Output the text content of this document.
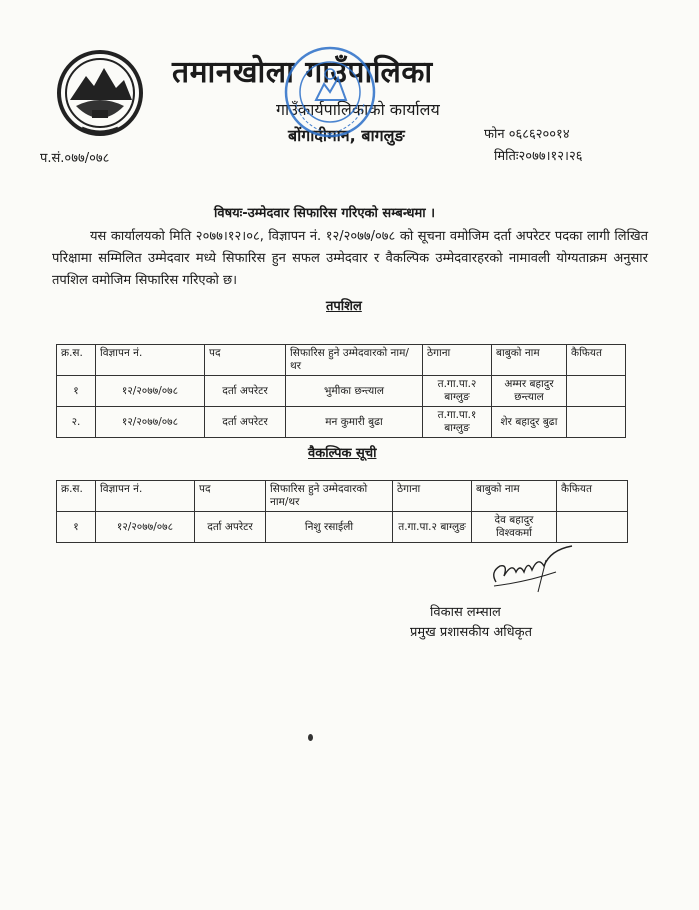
तमानखोला गाउँपालिका
गाउँकार्यपालिकाको कार्यालय
बोंगादीमान, बागलुङ	फोन ०६८६२००१४
मितिः२०७७।१२।२६
प.सं.०७७/०७८
विषयः-उम्मेदवार सिफारिस गरिएको सम्बन्धमा ।

यस कार्यालयको मिति २०७७।१२।०८, विज्ञापन नं. १२/२०७७/०७८ को सूचना वमोजिम दर्ता अपरेटर पदका लागी लिखित परिक्षामा सम्मिलित उम्मेदवार मध्ये सिफारिस हुन सफल उम्मेदवार र वैकल्पिक उम्मेदवारहरको नामावली योग्यताक्रम अनुसार तपशिल वमोजिम सिफारिस गरिएको छ।

तपशिल
क्र.स.	विज्ञापन नं.	पद	सिफारिस हुने उम्मेदवारको नाम/थर	ठेगाना	बाबुको नाम	कैफियत
१	१२/२०७७/०७८	दर्ता अपरेटर	भुमीका छन्त्याल	त.गा.पा.२ बाग्लुङ	अम्मर बहादुर छन्त्याल	
२.	१२/२०७७/०७८	दर्ता अपरेटर	मन कुमारी बुढा	त.गा.पा.१ बाग्लुङ	शेर बहादुर बुढा	
वैकल्पिक सूची
क्र.स.	विज्ञापन नं.	पद	सिफारिस हुने उम्मेदवारको नाम/थर	ठेगाना	बाबुको नाम	कैफियत
१	१२/२०७७/०७८	दर्ता अपरेटर	निशु रसाईली	त.गा.पा.२ बाग्लुङ	देव बहादुर विश्वकर्मा	
विकास लम्साल
प्रमुख प्रशासकीय अधिकृत
